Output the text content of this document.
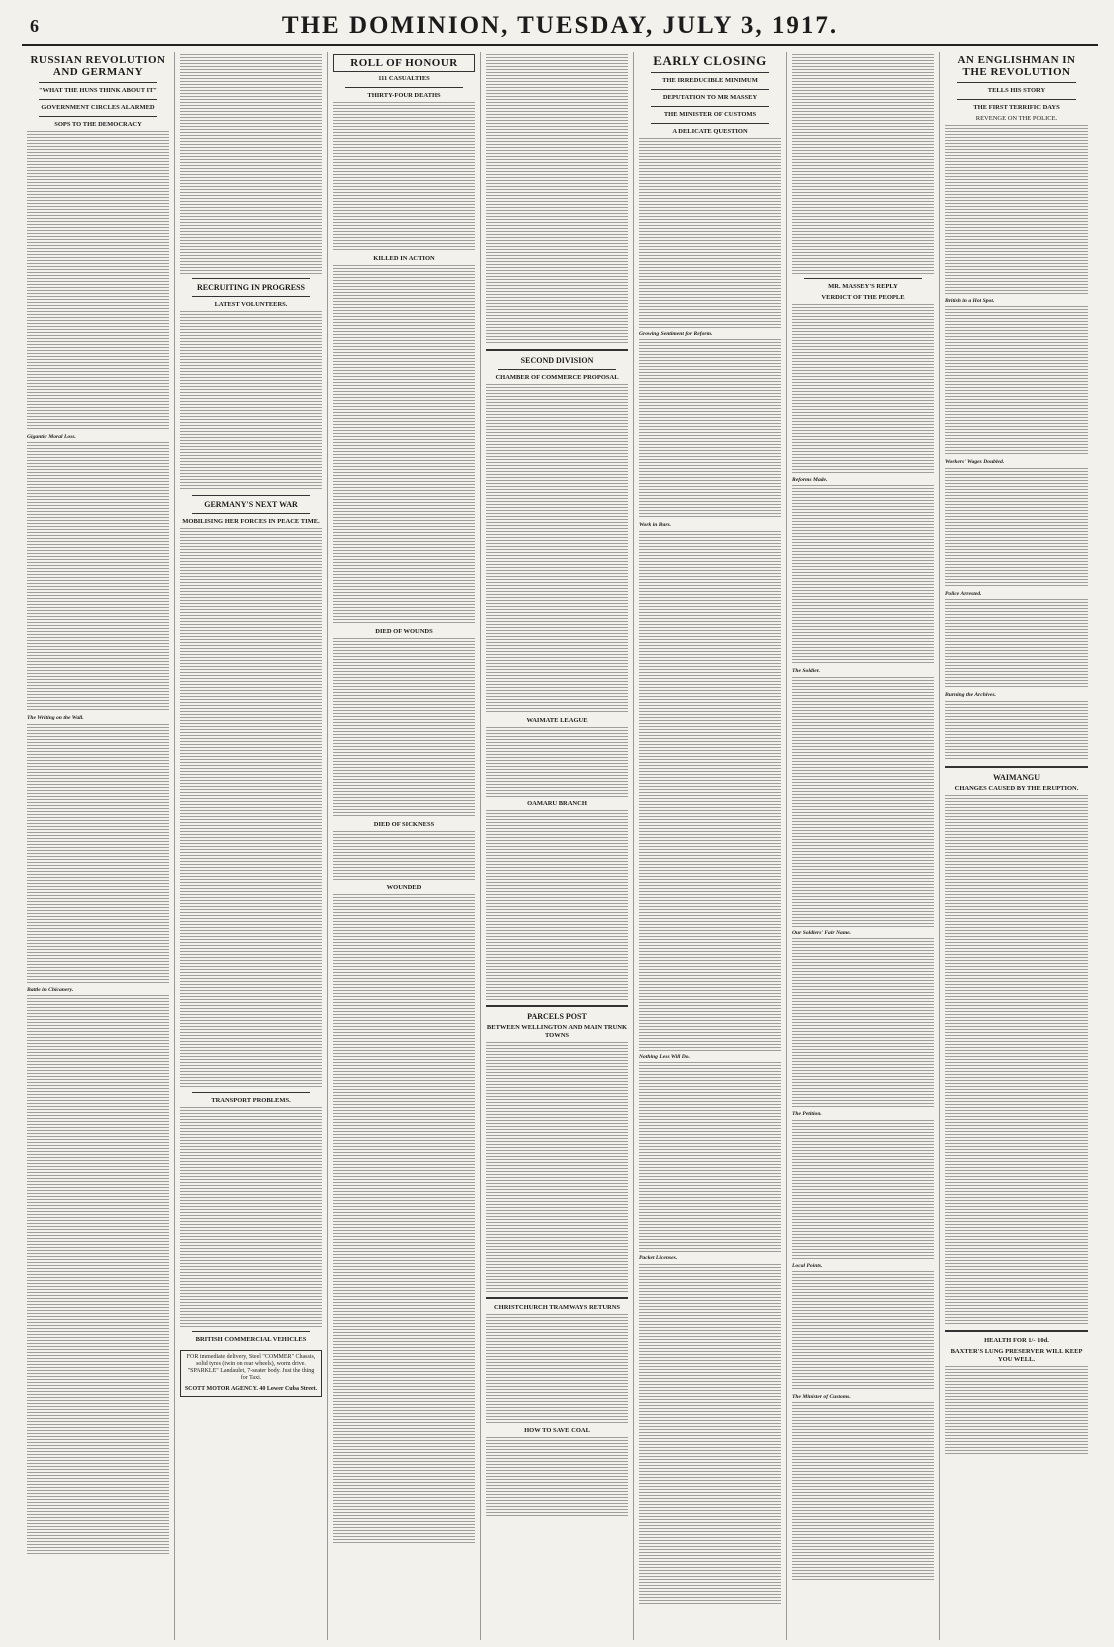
6	THE DOMINION, TUESDAY, JULY 3, 1917.
RUSSIAN REVOLUTION AND GERMANY
"WHAT THE HUNS THINK ABOUT IT"
GOVERNMENT CIRCLES ALARMED
SOPS TO THE DEMOCRACY
Gigantic Moral Loss.
The Writing on the Wall.
Battle in Chicanery.
RECRUITING IN PROGRESS
LATEST VOLUNTEERS.
GERMANY'S NEXT WAR
MOBILISING HER FORCES IN PEACE TIME.
TRANSPORT PROBLEMS.
BRITISH COMMERCIAL VEHICLES
FOR immediate delivery, Steel "COMMER" Chassis, solid tyres (twin on rear wheels), worm drive. "SPARKLE" Landaulet, 7-seater body. Just the thing for Taxi.
SCOTT MOTOR AGENCY. 40 Lower Cuba Street.
ROLL OF HONOUR
111 CASUALTIES
THIRTY-FOUR DEATHS
KILLED IN ACTION
DIED OF WOUNDS
DIED OF SICKNESS
WOUNDED
SECOND DIVISION
CHAMBER OF COMMERCE PROPOSAL
WAIMATE LEAGUE
OAMARU BRANCH
PARCELS POST
BETWEEN WELLINGTON AND MAIN TRUNK TOWNS
CHRISTCHURCH TRAMWAYS RETURNS
HOW TO SAVE COAL
EARLY CLOSING
THE IRREDUCIBLE MINIMUM
DEPUTATION TO MR MASSEY
THE MINISTER OF CUSTOMS
A DELICATE QUESTION
Growing Sentiment for Reform.
Work in Bars.
Nothing Less Will Do.
Packet Licenses.
MR. MASSEY'S REPLY
VERDICT OF THE PEOPLE
Reforms Made.
The Soldier.
Our Soldiers' Fair Name.
The Petition.
Local Points.
The Minister of Customs.
AN ENGLISHMAN IN THE REVOLUTION
TELLS HIS STORY
THE FIRST TERRIFIC DAYS
REVENGE ON THE POLICE.
British in a Hot Spot.
Workers' Wages Doubled.
Police Arrested.
Burning the Archives.
WAIMANGU
CHANGES CAUSED BY THE ERUPTION.
HEALTH FOR 1/- 10d.
BAXTER'S LUNG PRESERVER WILL KEEP YOU WELL.
